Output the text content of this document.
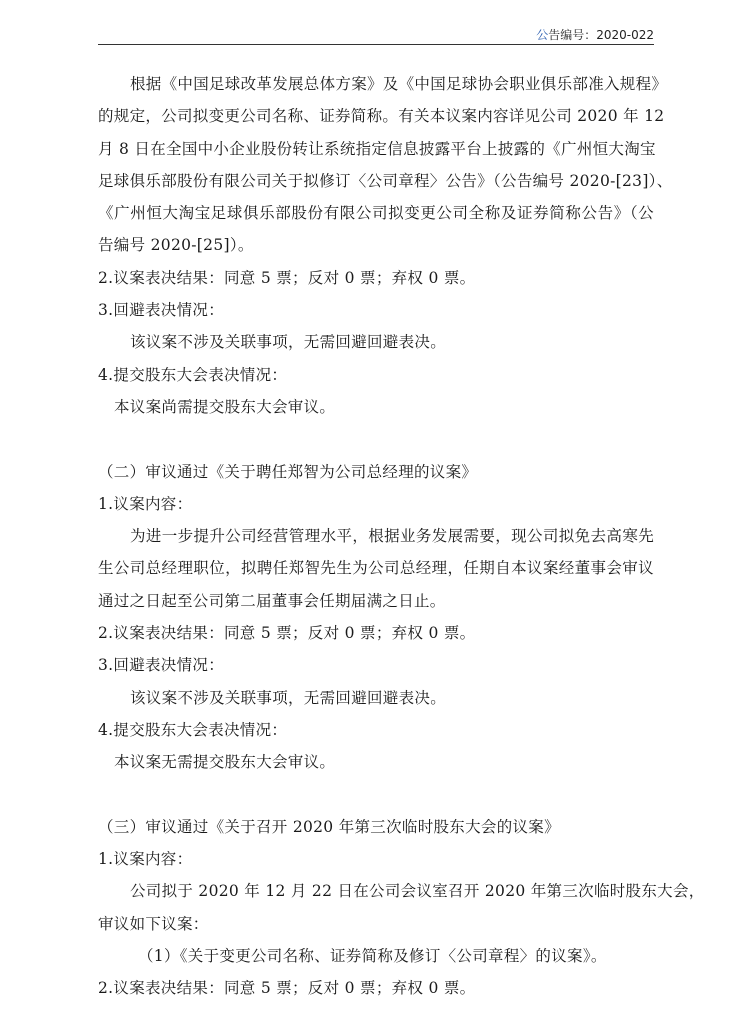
公告编号：2020-022
根据《中国足球改革发展总体方案》及《中国足球协会职业俱乐部准入规程》
的规定，公司拟变更公司名称、证券简称。有关本议案内容详见公司 2020 年 12
月 8 日在全国中小企业股份转让系统指定信息披露平台上披露的《广州恒大淘宝
足球俱乐部股份有限公司关于拟修订〈公司章程〉公告》（公告编号 2020-[23]）、
《广州恒大淘宝足球俱乐部股份有限公司拟变更公司全称及证券简称公告》（公
告编号 2020-[25]）。
2.议案表决结果：同意 5 票；反对 0 票；弃权 0 票。
3.回避表决情况：
该议案不涉及关联事项，无需回避回避表决。
4.提交股东大会表决情况：
本议案尚需提交股东大会审议。
（二）审议通过《关于聘任郑智为公司总经理的议案》
1.议案内容：
为进一步提升公司经营管理水平，根据业务发展需要，现公司拟免去高寒先
生公司总经理职位，拟聘任郑智先生为公司总经理，任期自本议案经董事会审议
通过之日起至公司第二届董事会任期届满之日止。
2.议案表决结果：同意 5 票；反对 0 票；弃权 0 票。
3.回避表决情况：
该议案不涉及关联事项，无需回避回避表决。
4.提交股东大会表决情况：
本议案无需提交股东大会审议。
（三）审议通过《关于召开 2020 年第三次临时股东大会的议案》
1.议案内容：
公司拟于 2020 年 12 月 22 日在公司会议室召开 2020 年第三次临时股东大会，
审议如下议案：
（1）《关于变更公司名称、证券简称及修订〈公司章程〉的议案》。
2.议案表决结果：同意 5 票；反对 0 票；弃权 0 票。
